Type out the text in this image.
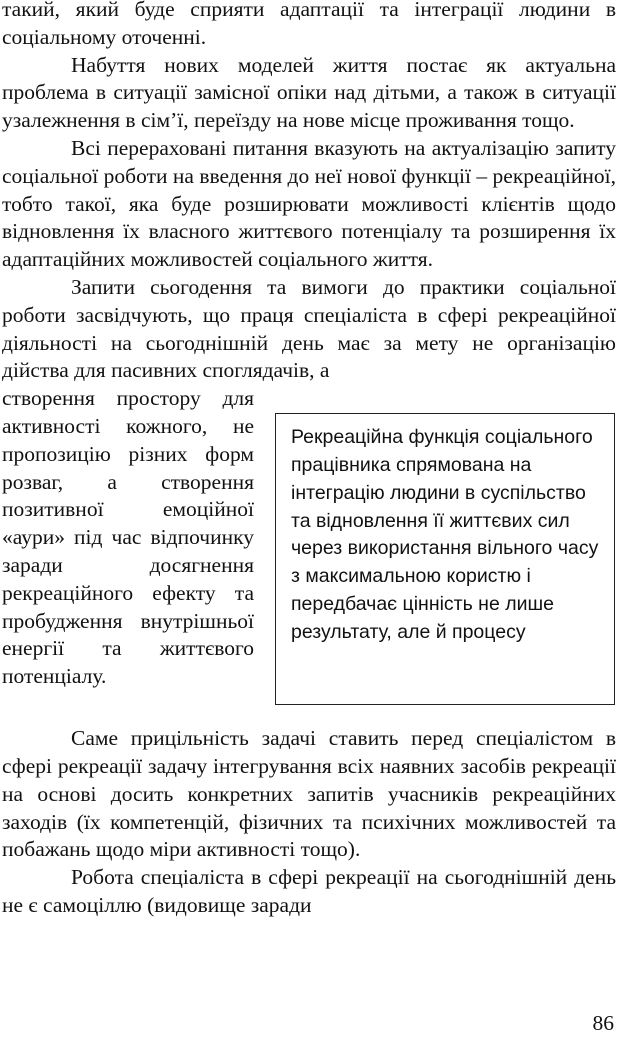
такий, який буде сприяти адаптації та інтеграції людини в соціальному оточенні.

Набуття нових моделей життя постає як актуальна проблема в ситуації замісної опіки над дітьми, а також в ситуації узалежнення в сім’ї, переїзду на нове місце проживання тощо.

Всі перераховані питання вказують на актуалізацію запиту соціальної роботи на введення до неї нової функції – рекреаційної, тобто такої, яка буде розширювати можливості клієнтів щодо відновлення їх власного життєвого потенціалу та розширення їх адаптаційних можливостей соціального життя.

Запити сьогодення та вимоги до практики соціальної роботи засвідчують, що праця спеціаліста в сфері рекреаційної діяльності на сьогоднішній день має за мету не організацію дійства для пасивних споглядачів, а

створення простору для активності кожного, не пропозицію різних форм розваг, а створення позитивної емоційної «аури» під час відпочинку заради досягнення рекреаційного ефекту та пробудження внутрішньої енергії та життєвого потенціалу.

Рекреаційна функція соціального працівника спрямована на інтеграцію людини в суспільство та відновлення її життєвих сил через використання вільного часу з максимальною користю і передбачає цінність не лише результату, але й процесу

Саме прицільність задачі ставить перед спеціалістом в сфері рекреації задачу інтегрування всіх наявних засобів рекреації на основі досить конкретних запитів учасників рекреаційних заходів (їх компетенцій, фізичних та психічних можливостей та побажань щодо міри активності тощо).

Робота спеціаліста в сфері рекреації на сьогоднішній день не є самоціллю (видовище заради

86
